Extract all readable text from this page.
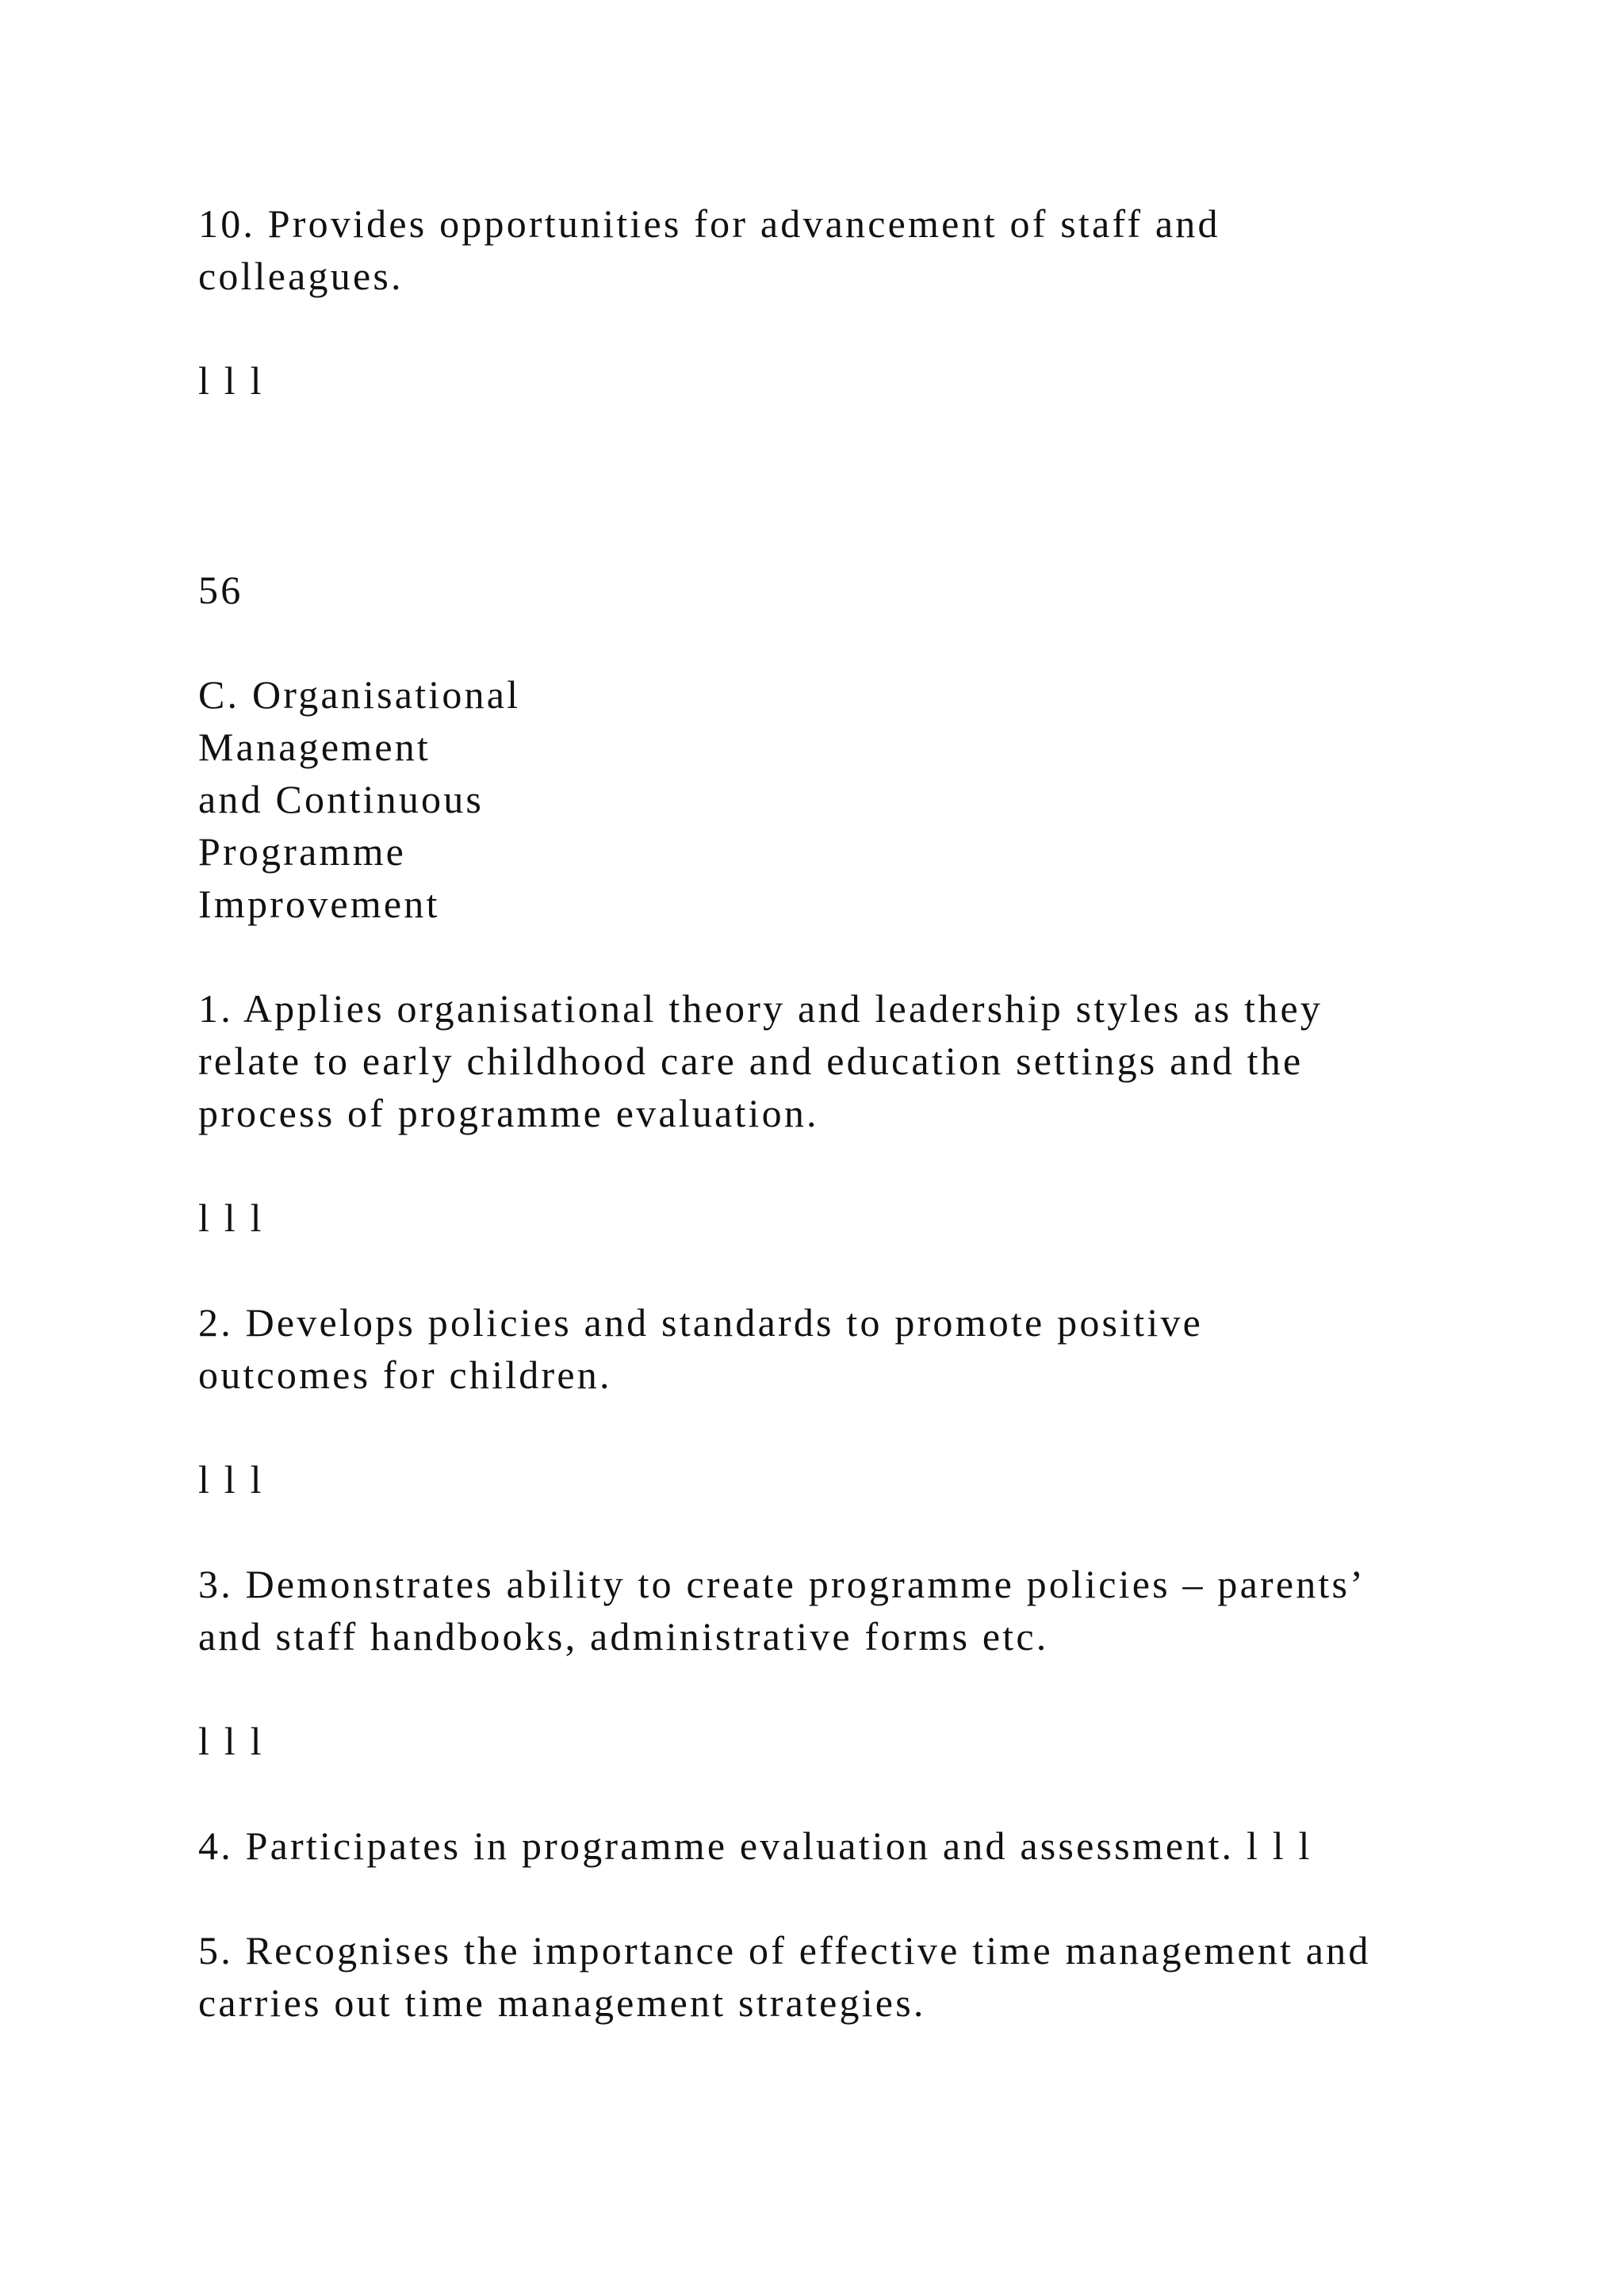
10. Provides opportunities for advancement of staff and

colleagues.

l l l

56

C. Organisational

Management

and Continuous

Programme

Improvement

1. Applies organisational theory and leadership styles as they

relate to early childhood care and education settings and the

process of programme evaluation.

l l l

2. Develops policies and standards to promote positive

outcomes for children.

l l l

3. Demonstrates ability to create programme policies – parents’

and staff handbooks, administrative forms etc.

l l l

4. Participates in programme evaluation and assessment. l l l

5. Recognises the importance of effective time management and

carries out time management strategies.
